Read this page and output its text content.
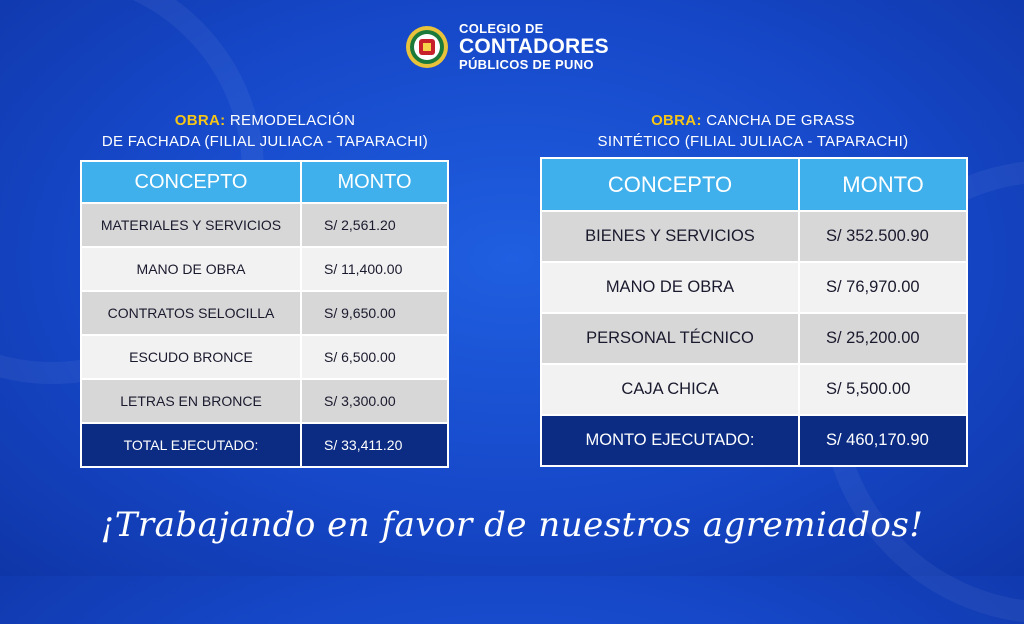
COLEGIO DE
CONTADORES
PÚBLICOS DE PUNO
OBRA: REMODELACIÓN
DE FACHADA (FILIAL JULIACA - TAPARACHI)
CONCEPTO	MONTO
MATERIALES Y SERVICIOS	S/ 2,561.20
MANO DE OBRA	S/ 11,400.00
CONTRATOS SELOCILLA	S/ 9,650.00
ESCUDO BRONCE	S/ 6,500.00
LETRAS EN BRONCE	S/ 3,300.00
TOTAL EJECUTADO:	S/ 33,411.20
OBRA: CANCHA DE GRASS
SINTÉTICO (FILIAL JULIACA - TAPARACHI)
CONCEPTO	MONTO
BIENES Y SERVICIOS	S/ 352.500.90
MANO DE OBRA	S/ 76,970.00
PERSONAL TÉCNICO	S/ 25,200.00
CAJA CHICA	S/ 5,500.00
MONTO EJECUTADO:	S/ 460,170.90
¡Trabajando en favor de nuestros agremiados!
